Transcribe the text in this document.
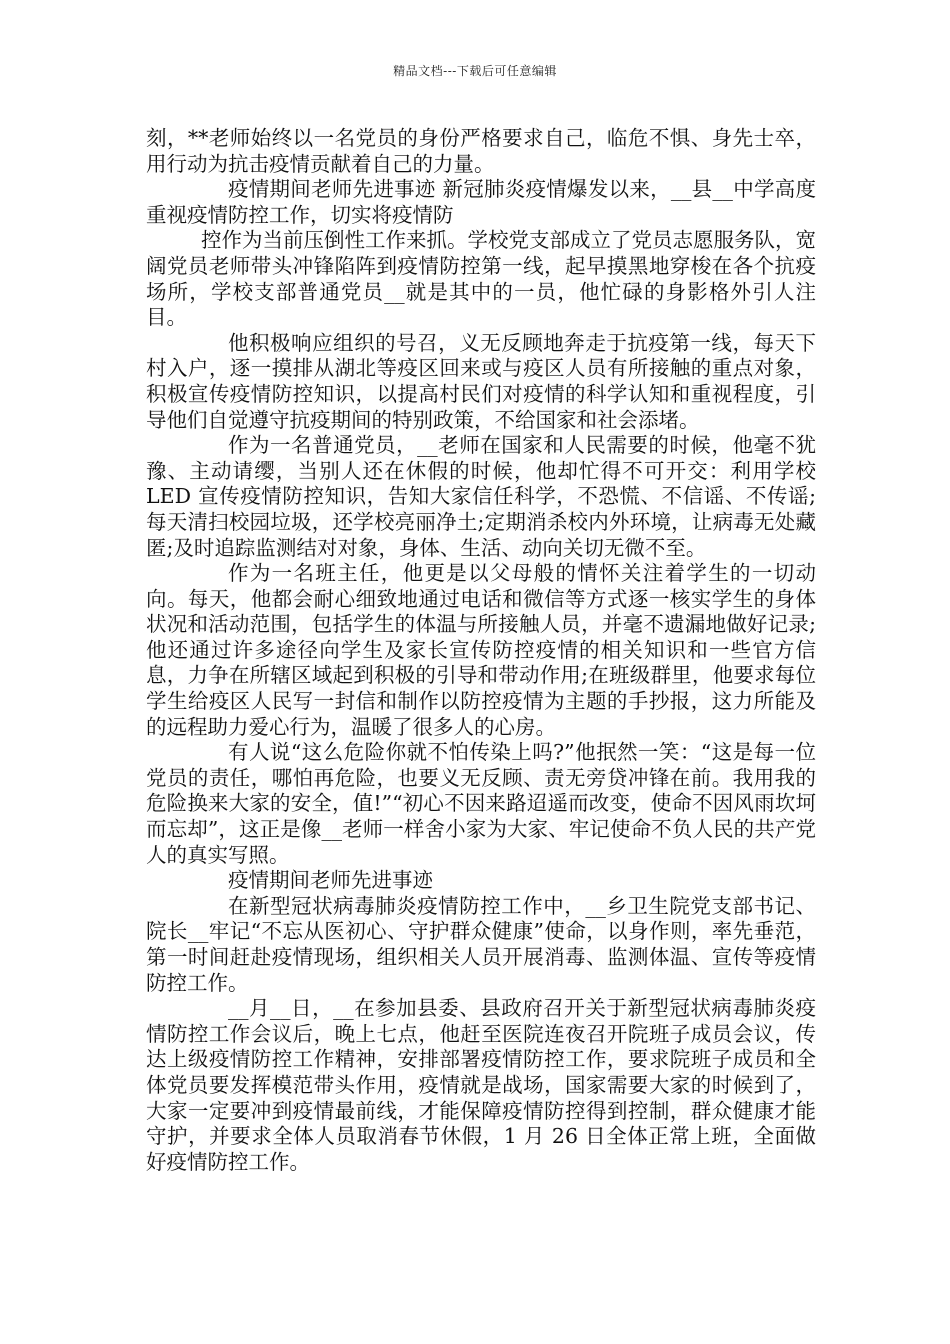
精品文档---下载后可任意编辑

刻，**老师始终以一名党员的身份严格要求自己，临危不惧、身先士卒，用行动为抗击疫情贡献着自己的力量。

疫情期间老师先进事迹 新冠肺炎疫情爆发以来，__县__中学高度重视疫情防控工作，切实将疫情防

控作为当前压倒性工作来抓。学校党支部成立了党员志愿服务队，宽阔党员老师带头冲锋陷阵到疫情防控第一线，起早摸黑地穿梭在各个抗疫场所，学校支部普通党员__就是其中的一员，他忙碌的身影格外引人注目。

他积极响应组织的号召，义无反顾地奔走于抗疫第一线，每天下村入户，逐一摸排从湖北等疫区回来或与疫区人员有所接触的重点对象，积极宣传疫情防控知识，以提高村民们对疫情的科学认知和重视程度，引导他们自觉遵守抗疫期间的特别政策，不给国家和社会添堵。

作为一名普通党员，__老师在国家和人民需要的时候，他毫不犹豫、主动请缨，当别人还在休假的时候，他却忙得不可开交：利用学校 LED 宣传疫情防控知识，告知大家信任科学，不恐慌、不信谣、不传谣;每天清扫校园垃圾，还学校亮丽净土;定期消杀校内外环境，让病毒无处藏匿;及时追踪监测结对对象，身体、生活、动向关切无微不至。

作为一名班主任，他更是以父母般的情怀关注着学生的一切动向。每天，他都会耐心细致地通过电话和微信等方式逐一核实学生的身体状况和活动范围，包括学生的体温与所接触人员，并毫不遗漏地做好记录;他还通过许多途径向学生及家长宣传防控疫情的相关知识和一些官方信息，力争在所辖区域起到积极的引导和带动作用;在班级群里，他要求每位学生给疫区人民写一封信和制作以防控疫情为主题的手抄报，这力所能及的远程助力爱心行为，温暖了很多人的心房。

有人说“这么危险你就不怕传染上吗?”他抿然一笑：“这是每一位党员的责任，哪怕再危险，也要义无反顾、责无旁贷冲锋在前。我用我的危险换来大家的安全，值!”“初心不因来路迢遥而改变，使命不因风雨坎坷而忘却”，这正是像__老师一样舍小家为大家、牢记使命不负人民的共产党人的真实写照。

疫情期间老师先进事迹

在新型冠状病毒肺炎疫情防控工作中，__乡卫生院党支部书记、院长__牢记“不忘从医初心、守护群众健康”使命，以身作则，率先垂范，第一时间赶赴疫情现场，组织相关人员开展消毒、监测体温、宣传等疫情防控工作。

__月__日，__在参加县委、县政府召开关于新型冠状病毒肺炎疫情防控工作会议后，晚上七点，他赶至医院连夜召开院班子成员会议，传达上级疫情防控工作精神，安排部署疫情防控工作，要求院班子成员和全体党员要发挥模范带头作用，疫情就是战场，国家需要大家的时候到了，大家一定要冲到疫情最前线，才能保障疫情防控得到控制，群众健康才能守护，并要求全体人员取消春节休假，1 月 26 日全体正常上班，全面做好疫情防控工作。
